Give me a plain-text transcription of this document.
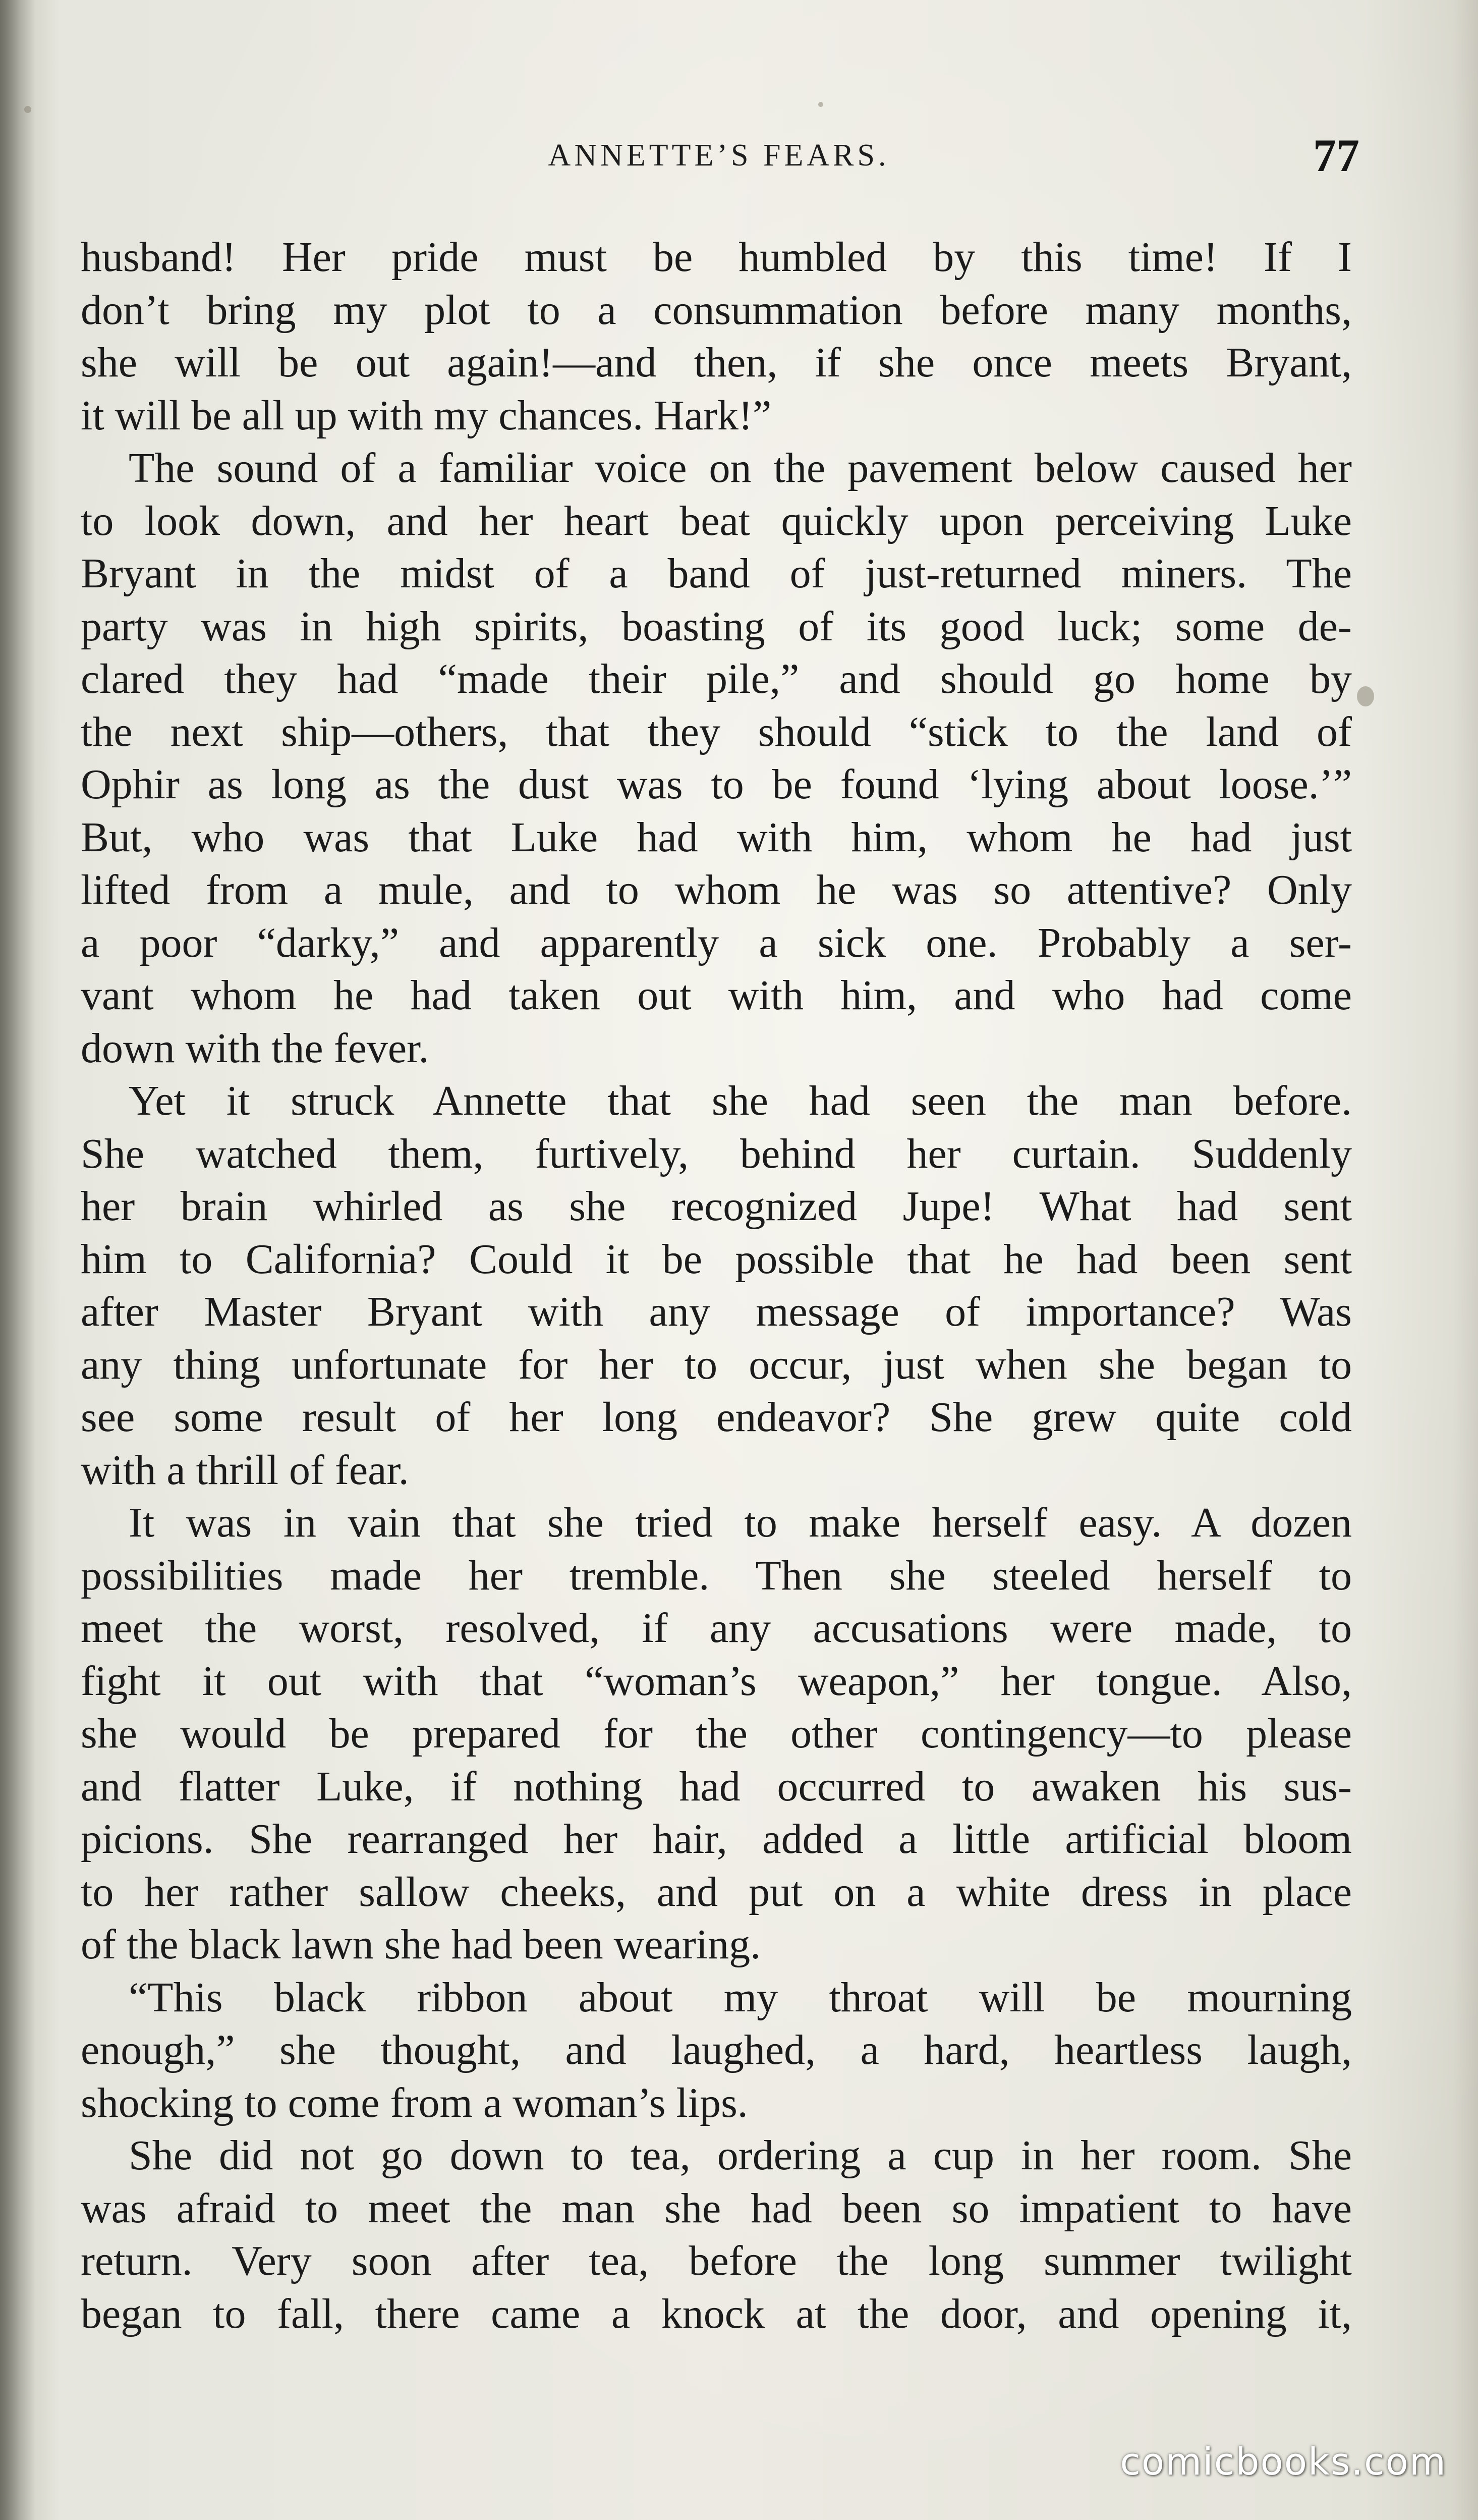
ANNETTE’S FEARS.	77
husband! Her pride must be humbled by this time! If I
don’t bring my plot to a consummation before many months,
she will be out again!—and then, if she once meets Bryant,
it will be all up with my chances. Hark!”
The sound of a familiar voice on the pavement below caused her
to look down, and her heart beat quickly upon perceiving Luke
Bryant in the midst of a band of just-returned miners. The
party was in high spirits, boasting of its good luck; some de-
clared they had “made their pile,” and should go home by
the next ship—others, that they should “stick to the land of
Ophir as long as the dust was to be found ‘lying about loose.’”
But, who was that Luke had with him, whom he had just
lifted from a mule, and to whom he was so attentive? Only
a poor “darky,” and apparently a sick one. Probably a ser-
vant whom he had taken out with him, and who had come
down with the fever.
Yet it struck Annette that she had seen the man before.
She watched them, furtively, behind her curtain. Suddenly
her brain whirled as she recognized Jupe! What had sent
him to California? Could it be possible that he had been sent
after Master Bryant with any message of importance? Was
any thing unfortunate for her to occur, just when she began to
see some result of her long endeavor? She grew quite cold
with a thrill of fear.
It was in vain that she tried to make herself easy. A dozen
possibilities made her tremble. Then she steeled herself to
meet the worst, resolved, if any accusations were made, to
fight it out with that “woman’s weapon,” her tongue. Also,
she would be prepared for the other contingency—to please
and flatter Luke, if nothing had occurred to awaken his sus-
picions. She rearranged her hair, added a little artificial bloom
to her rather sallow cheeks, and put on a white dress in place
of the black lawn she had been wearing.
“This black ribbon about my throat will be mourning
enough,” she thought, and laughed, a hard, heartless laugh,
shocking to come from a woman’s lips.
She did not go down to tea, ordering a cup in her room. She
was afraid to meet the man she had been so impatient to have
return. Very soon after tea, before the long summer twilight
began to fall, there came a knock at the door, and opening it,
comicbooks.com
